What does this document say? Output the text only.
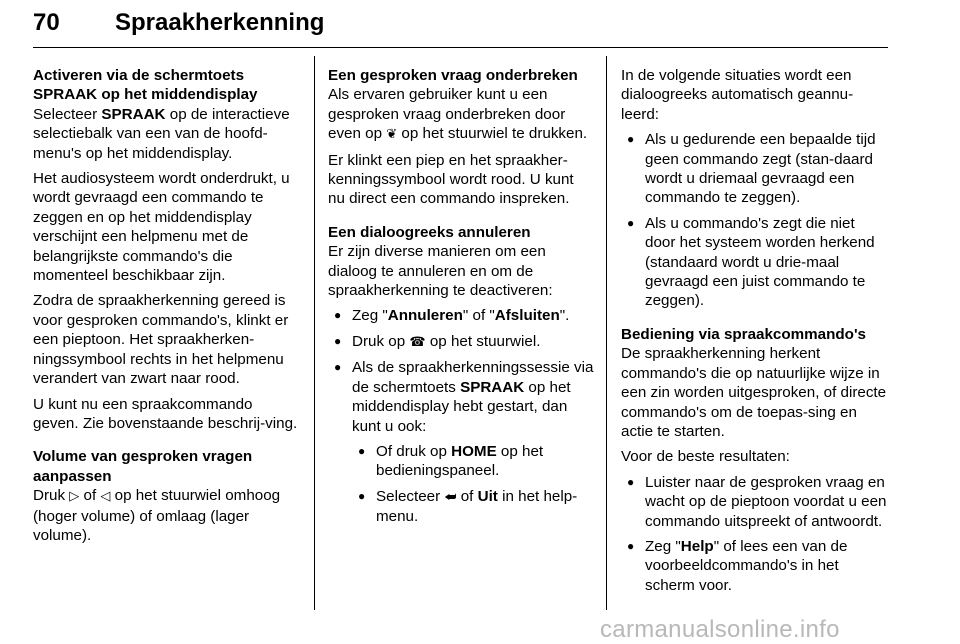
70 Spraakherkenning
Activeren via de schermtoets SPRAAK op het middendisplay

Selecteer SPRAAK op de interactieve selectiebalk van een van de hoofd-menu's op het middendisplay.

Het audiosysteem wordt onderdrukt, u wordt gevraagd een commando te zeggen en op het middendisplay verschijnt een helpmenu met de belangrijkste commando's die momenteel beschikbaar zijn.

Zodra de spraakherkenning gereed is voor gesproken commando's, klinkt er een pieptoon. Het spraakherken-ningssymbool rechts in het helpmenu verandert van zwart naar rood.

U kunt nu een spraakcommando geven. Zie bovenstaande beschrij-ving.

Volume van gesproken vragen aanpassen

Druk ▷ of ◁ op het stuurwiel omhoog (hoger volume) of omlaag (lager volume).

Een gesproken vraag onderbreken

Als ervaren gebruiker kunt u een gesproken vraag onderbreken door even op ❦ op het stuurwiel te drukken.

Er klinkt een piep en het spraakher-kenningssymbool wordt rood. U kunt nu direct een commando inspreken.

Een dialoogreeks annuleren

Er zijn diverse manieren om een dialoog te annuleren en om de spraakherkenning te deactiveren:

● Zeg "Annuleren" of "Afsluiten".
● Druk op ☎ op het stuurwiel.
● Als de spraakherkenningssessie via de schermtoets SPRAAK op het middendisplay hebt gestart, dan kunt u ook:
● Of druk op HOME op het bedieningspaneel.
● Selecteer ⮨ of Uit in het help-menu.

In de volgende situaties wordt een dialoogreeks automatisch geannu-leerd:

● Als u gedurende een bepaalde tijd geen commando zegt (stan-daard wordt u driemaal gevraagd een commando te zeggen).
● Als u commando's zegt die niet door het systeem worden herkend (standaard wordt u drie-maal gevraagd een juist commando te zeggen).
Bediening via spraakcommando's

De spraakherkenning herkent commando's die op natuurlijke wijze in een zin worden uitgesproken, of directe commando's om de toepas-sing en actie te starten.

Voor de beste resultaten:

● Luister naar de gesproken vraag en wacht op de pieptoon voordat u een commando uitspreekt of antwoordt.
● Zeg "Help" of lees een van de voorbeeldcommando's in het scherm voor.
carmanualsonline.info
